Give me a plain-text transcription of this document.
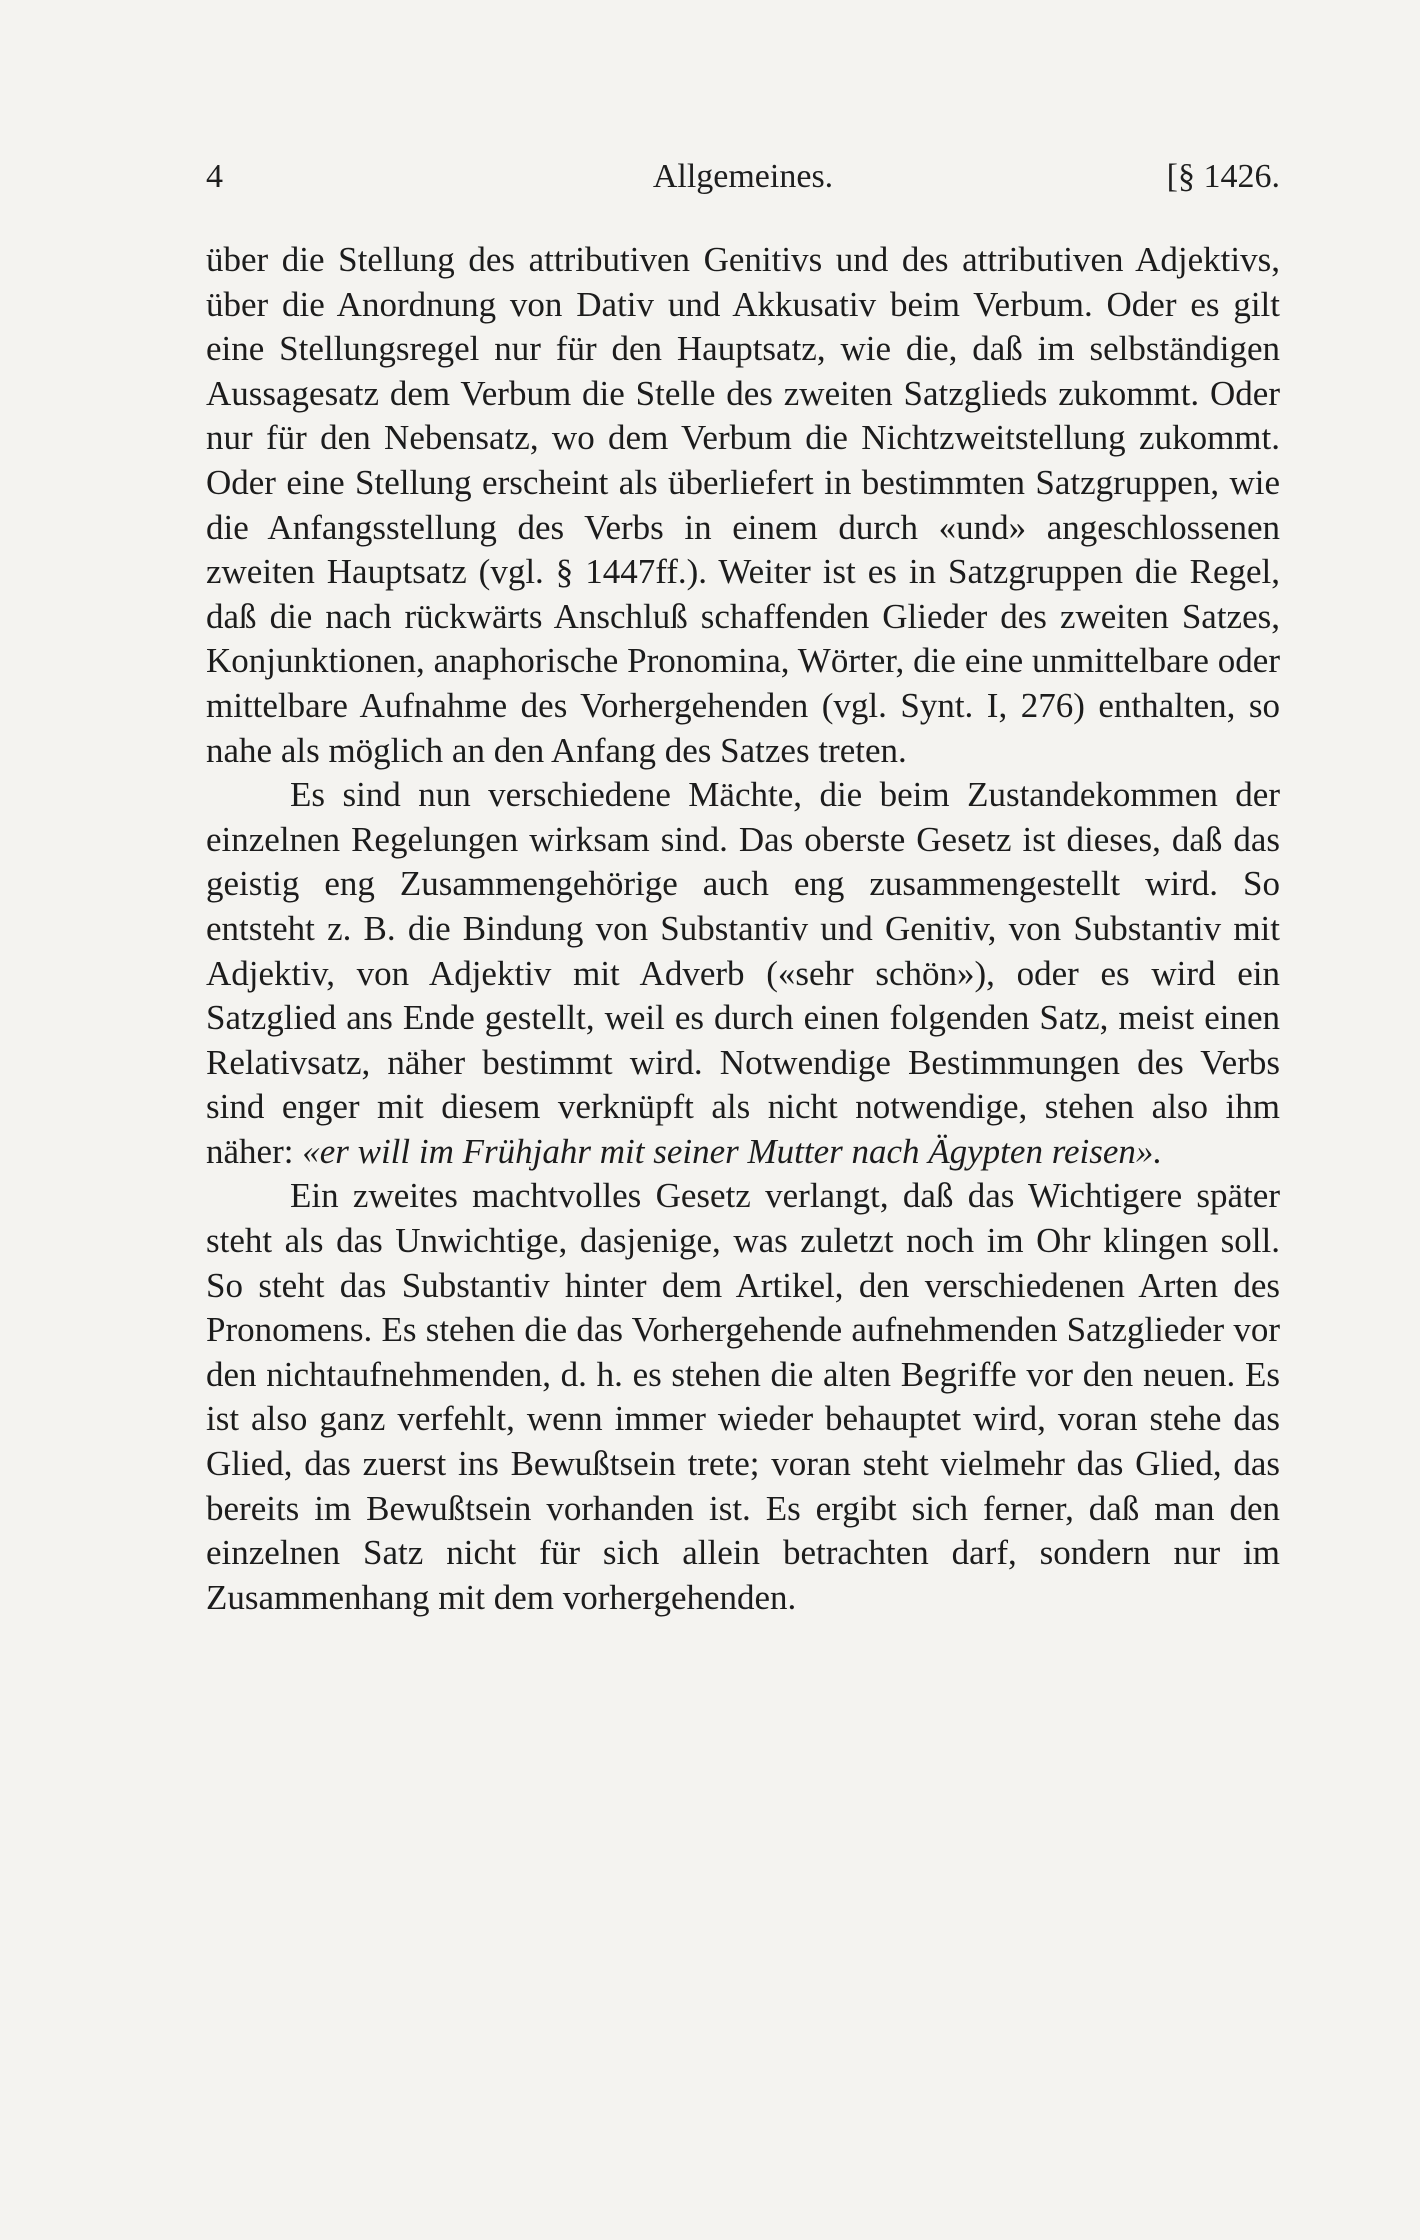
4	Allgemeines.	[§ 1426.

über die Stellung des attributiven Genitivs und des attributiven Adjektivs, über die Anordnung von Dativ und Akkusativ beim Verbum. Oder es gilt eine Stellungsregel nur für den Hauptsatz, wie die, daß im selbständigen Aussagesatz dem Verbum die Stelle des zweiten Satzglieds zukommt. Oder nur für den Nebensatz, wo dem Verbum die Nichtzweitstellung zukommt. Oder eine Stellung erscheint als überliefert in bestimmten Satzgruppen, wie die Anfangsstellung des Verbs in einem durch «und» angeschlossenen zweiten Hauptsatz (vgl. § 1447ff.). Weiter ist es in Satzgruppen die Regel, daß die nach rückwärts Anschluß schaffenden Glieder des zweiten Satzes, Konjunktionen, anaphorische Pronomina, Wörter, die eine unmittelbare oder mittelbare Aufnahme des Vorhergehenden (vgl. Synt. I, 276) enthalten, so nahe als möglich an den Anfang des Satzes treten.

Es sind nun verschiedene Mächte, die beim Zustandekommen der einzelnen Regelungen wirksam sind. Das oberste Gesetz ist dieses, daß das geistig eng Zusammengehörige auch eng zusammengestellt wird. So entsteht z. B. die Bindung von Substantiv und Genitiv, von Substantiv mit Adjektiv, von Adjektiv mit Adverb («sehr schön»), oder es wird ein Satzglied ans Ende gestellt, weil es durch einen folgenden Satz, meist einen Relativsatz, näher bestimmt wird. Notwendige Bestimmungen des Verbs sind enger mit diesem verknüpft als nicht notwendige, stehen also ihm näher: «er will im Frühjahr mit seiner Mutter nach Ägypten reisen».

Ein zweites machtvolles Gesetz verlangt, daß das Wichtigere später steht als das Unwichtige, dasjenige, was zuletzt noch im Ohr klingen soll. So steht das Substantiv hinter dem Artikel, den verschiedenen Arten des Pronomens. Es stehen die das Vorhergehende aufnehmenden Satzglieder vor den nichtaufnehmenden, d. h. es stehen die alten Begriffe vor den neuen. Es ist also ganz verfehlt, wenn immer wieder behauptet wird, voran stehe das Glied, das zuerst ins Bewußtsein trete; voran steht vielmehr das Glied, das bereits im Bewußtsein vorhanden ist. Es ergibt sich ferner, daß man den einzelnen Satz nicht für sich allein betrachten darf, sondern nur im Zusammenhang mit dem vorhergehenden.
